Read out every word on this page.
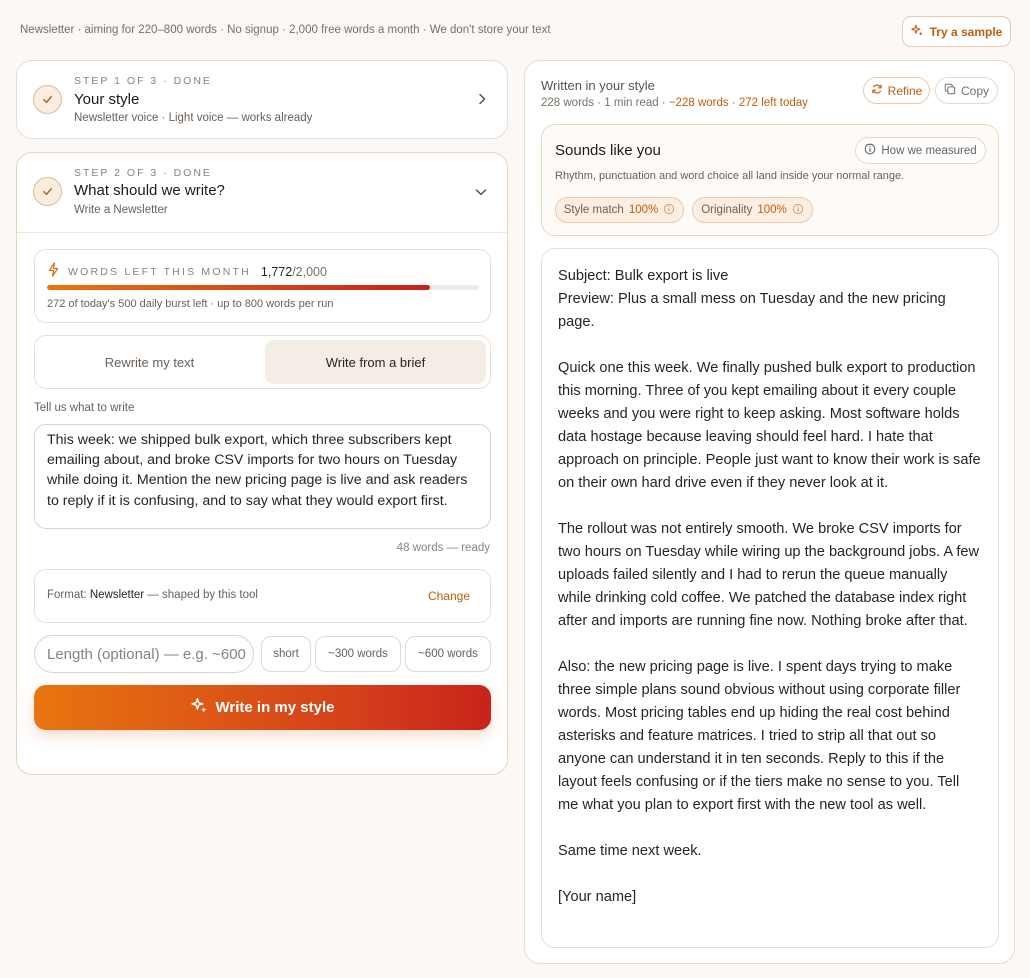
Newsletter · aiming for 220–800 words · No signup · 2,000 free words a month · We don't store your text	Try a sample
STEP 1 OF 3 · DONE
Your style
Newsletter voice · Light voice — works already
STEP 2 OF 3 · DONE
What should we write?
Write a Newsletter
WORDS LEFT THIS MONTH 1,772/2,000
272 of today's 500 daily burst left · up to 800 words per run
Rewrite my text	Write from a brief
Tell us what to write
This week: we shipped bulk export, which three subscribers kept emailing about, and broke CSV imports for two hours on Tuesday while doing it. Mention the new pricing page is live and ask readers to reply if it is confusing, and to say what they would export first.
48 words — ready
Format: Newsletter — shaped by this tool	Change
Length (optional) — e.g. ~600	short	~300 words	~600 words
Write in my style
Written in your style
228 words · 1 min read · −228 words · 272 left today
Refine	Copy
Sounds like you	How we measured
Rhythm, punctuation and word choice all land inside your normal range.
Style match 100%	Originality 100%

Subject: Bulk export is live

Preview: Plus a small mess on Tuesday and the new pricing page.

Quick one this week. We finally pushed bulk export to production this morning. Three of you kept emailing about it every couple weeks and you were right to keep asking. Most software holds data hostage because leaving should feel hard. I hate that approach on principle. People just want to know their work is safe on their own hard drive even if they never look at it.

The rollout was not entirely smooth. We broke CSV imports for two hours on Tuesday while wiring up the background jobs. A few uploads failed silently and I had to rerun the queue manually while drinking cold coffee. We patched the database index right after and imports are running fine now. Nothing broke after that.

Also: the new pricing page is live. I spent days trying to make three simple plans sound obvious without using corporate filler words. Most pricing tables end up hiding the real cost behind asterisks and feature matrices. I tried to strip all that out so anyone can understand it in ten seconds. Reply to this if the layout feels confusing or if the tiers make no sense to you. Tell me what you plan to export first with the new tool as well.

Same time next week.

[Your name]
